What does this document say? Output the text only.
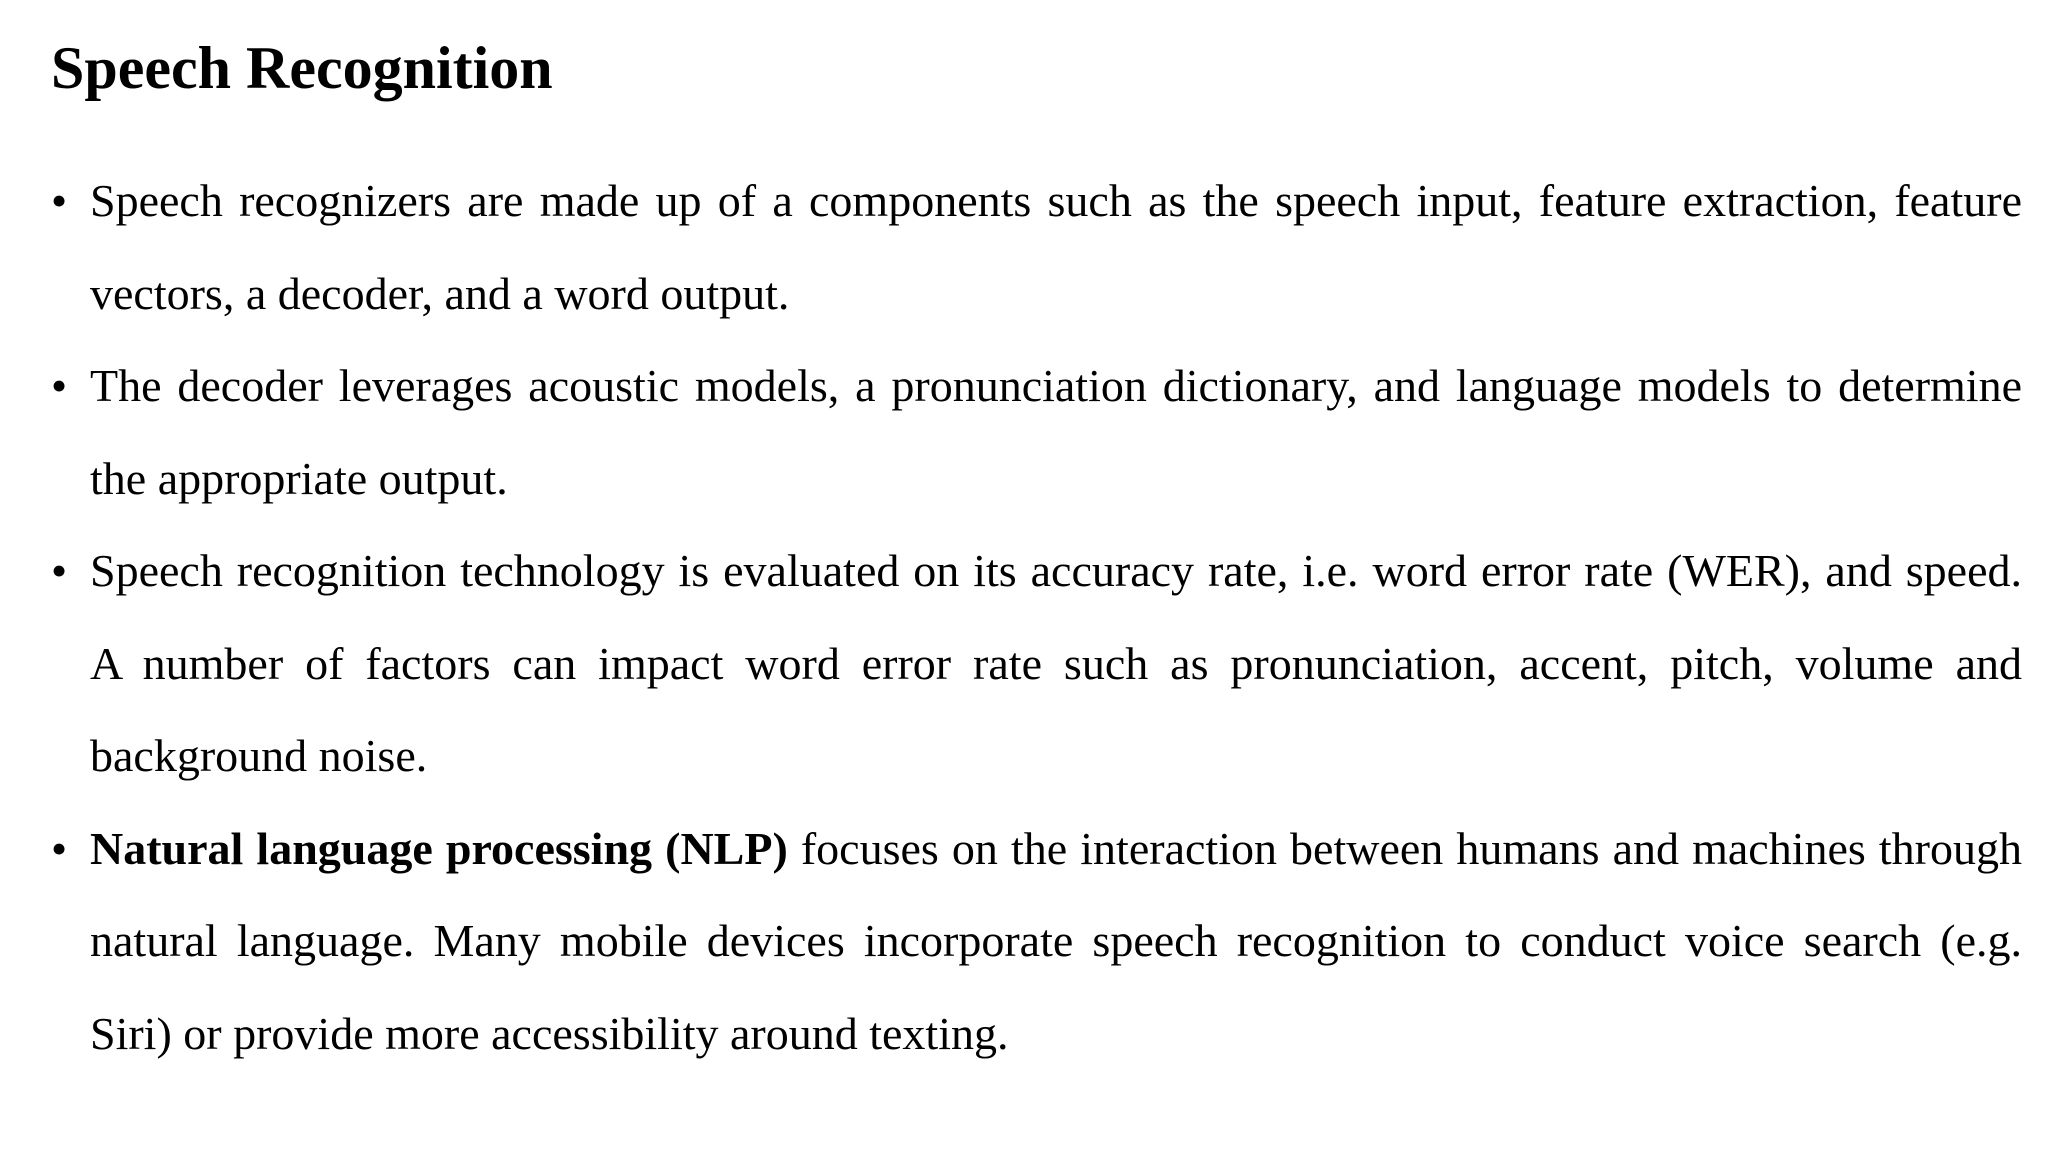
Speech Recognition
• Speech recognizers are made up of a components such as the speech input, feature extraction, feature vectors, a decoder, and a word output.
• The decoder leverages acoustic models, a pronunciation dictionary, and language models to determine the appropriate output.
• Speech recognition technology is evaluated on its accuracy rate, i.e. word error rate (WER), and speed. A number of factors can impact word error rate such as pronunciation, accent, pitch, volume and background noise.
• Natural language processing (NLP) focuses on the interaction between humans and machines through natural language. Many mobile devices incorporate speech recognition to conduct voice search (e.g. Siri) or provide more accessibility around texting.
